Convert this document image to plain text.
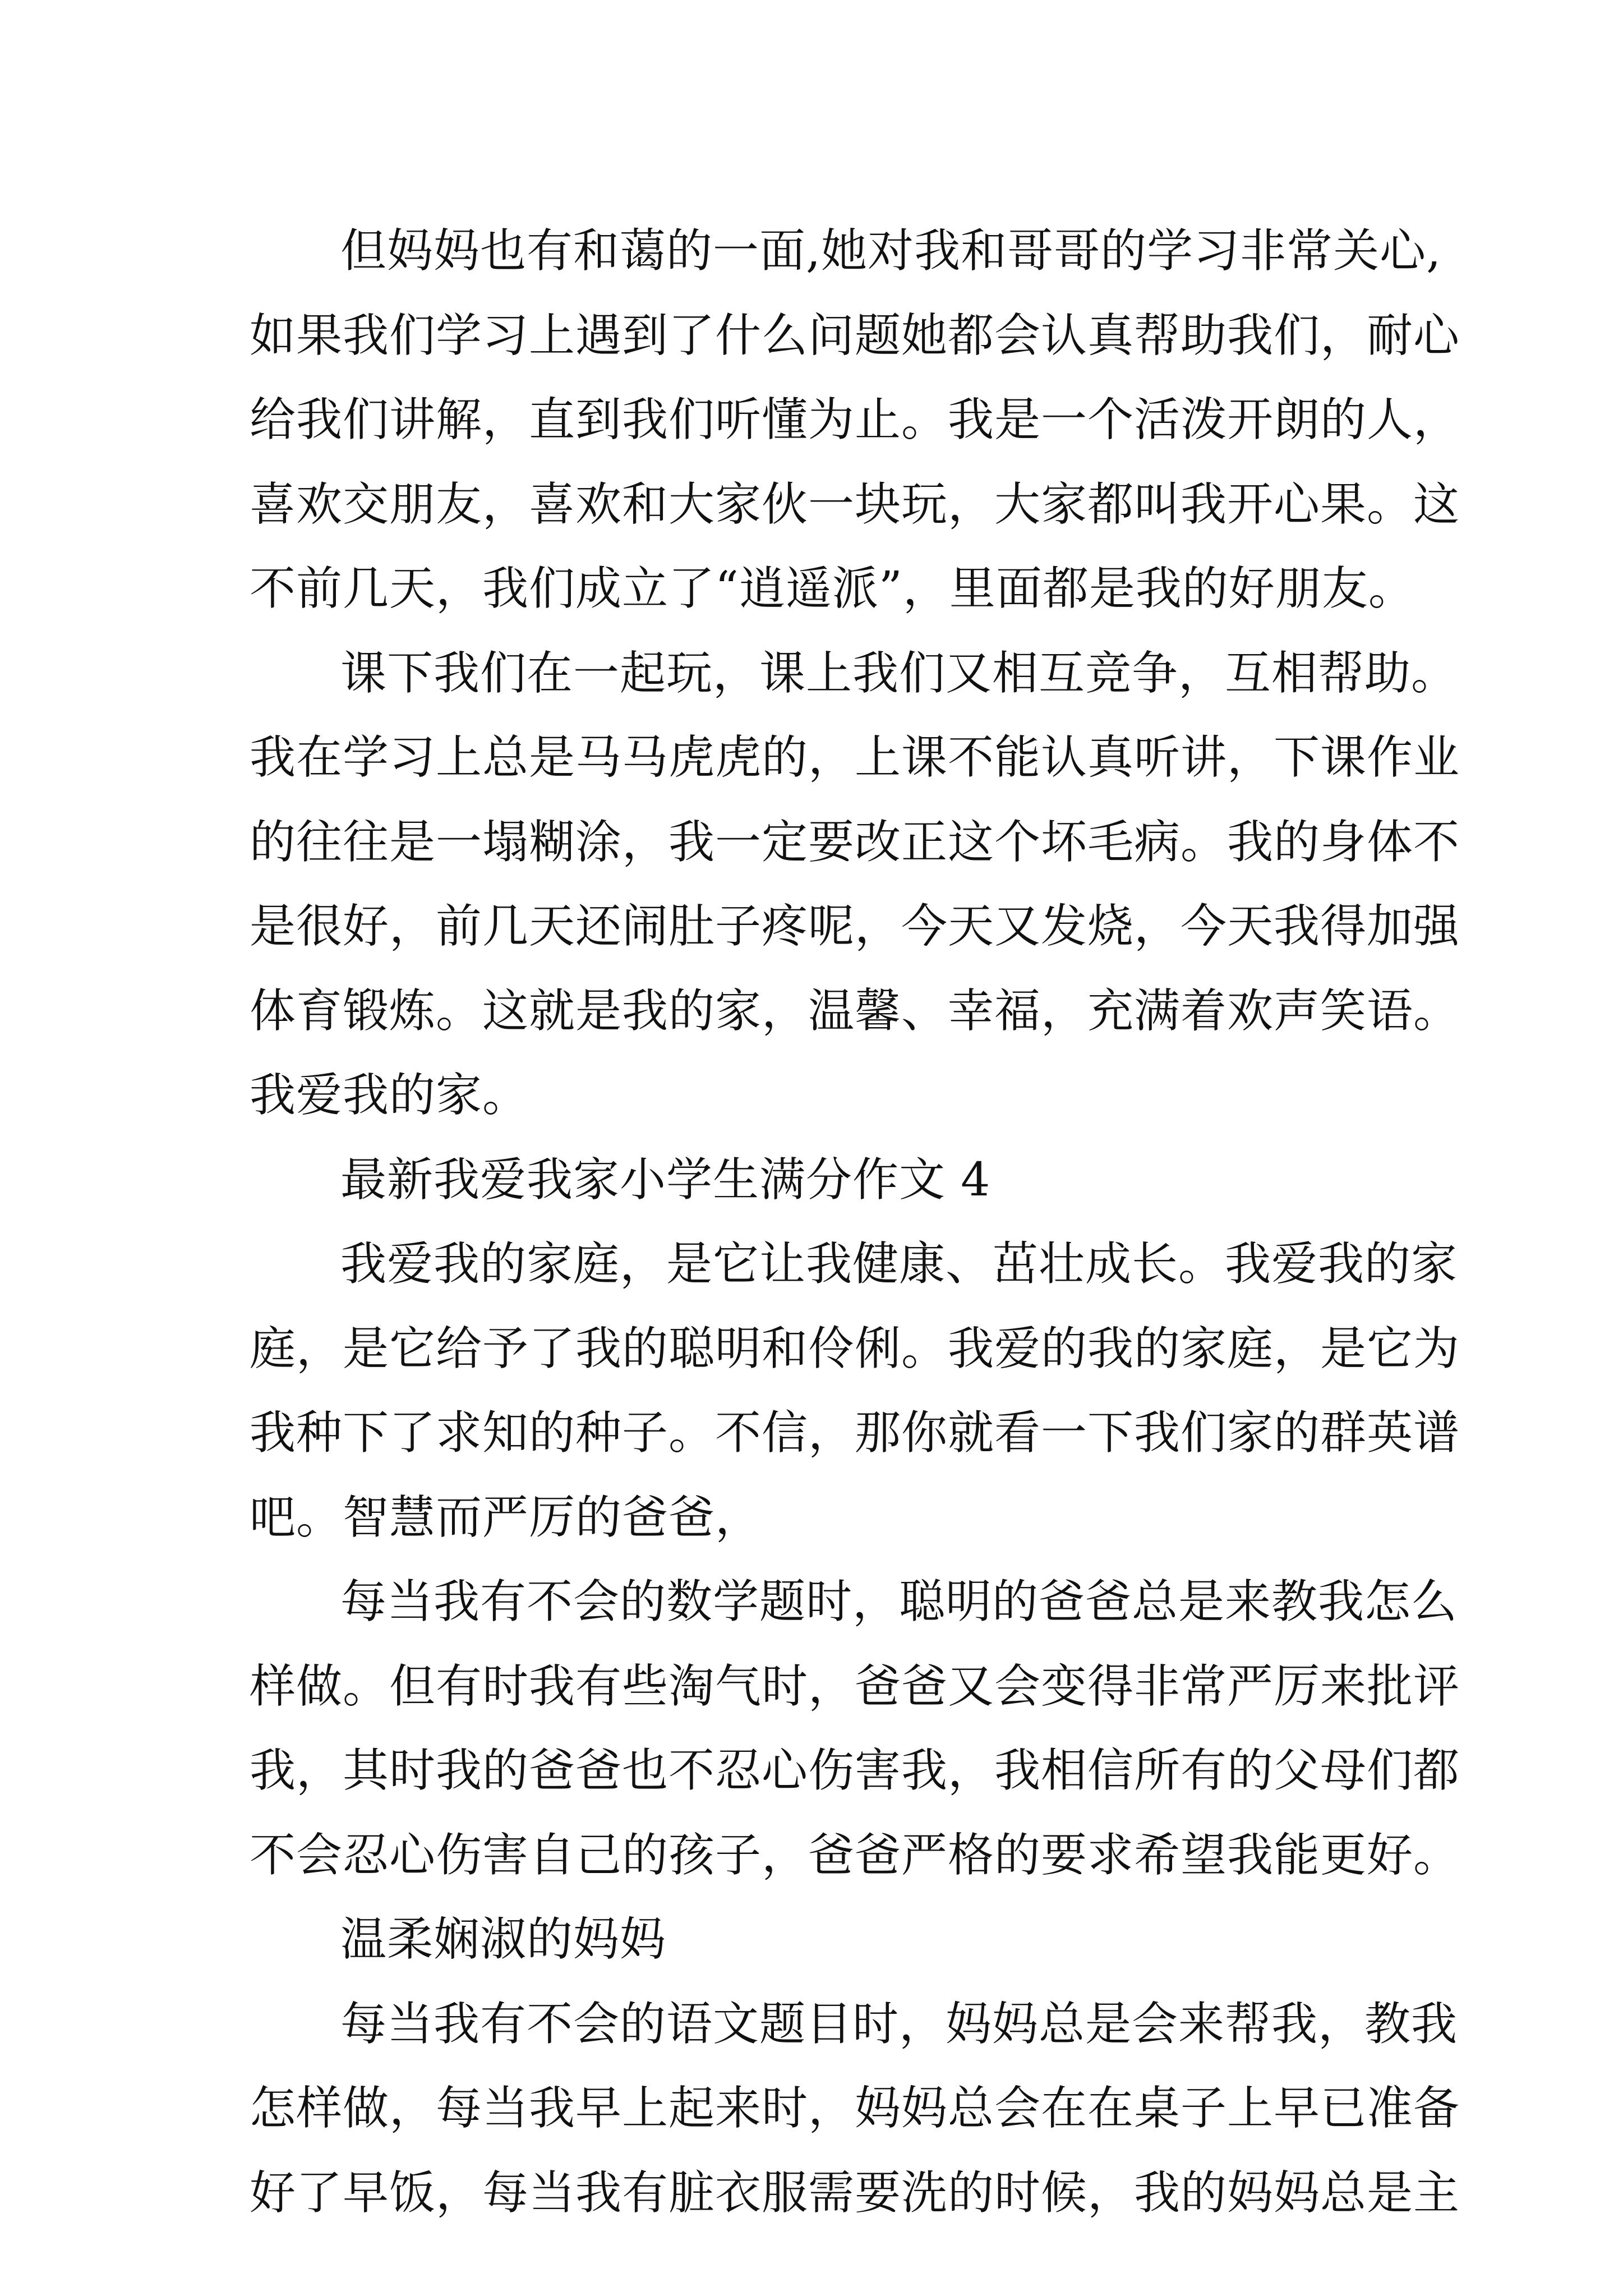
但妈妈也有和蔼的一面,她对我和哥哥的学习非常关心,
如果我们学习上遇到了什么问题她都会认真帮助我们，耐心
给我们讲解，直到我们听懂为止。我是一个活泼开朗的人，
喜欢交朋友，喜欢和大家伙一块玩，大家都叫我开心果。这
不前几天，我们成立了“逍遥派”，里面都是我的好朋友。
课下我们在一起玩，课上我们又相互竞争，互相帮助。
我在学习上总是马马虎虎的，上课不能认真听讲，下课作业
的往往是一塌糊涂，我一定要改正这个坏毛病。我的身体不
是很好，前几天还闹肚子疼呢，今天又发烧，今天我得加强
体育锻炼。这就是我的家，温馨、幸福，充满着欢声笑语。
我爱我的家。
最新我爱我家小学生满分作文 4
我爱我的家庭，是它让我健康、茁壮成长。我爱我的家
庭，是它给予了我的聪明和伶俐。我爱的我的家庭，是它为
我种下了求知的种子。不信，那你就看一下我们家的群英谱
吧。智慧而严厉的爸爸，
每当我有不会的数学题时，聪明的爸爸总是来教我怎么
样做。但有时我有些淘气时，爸爸又会变得非常严厉来批评
我，其时我的爸爸也不忍心伤害我，我相信所有的父母们都
不会忍心伤害自己的孩子，爸爸严格的要求希望我能更好。
温柔娴淑的妈妈
每当我有不会的语文题目时，妈妈总是会来帮我，教我
怎样做，每当我早上起来时，妈妈总会在在桌子上早已准备
好了早饭，每当我有脏衣服需要洗的时候，我的妈妈总是主
